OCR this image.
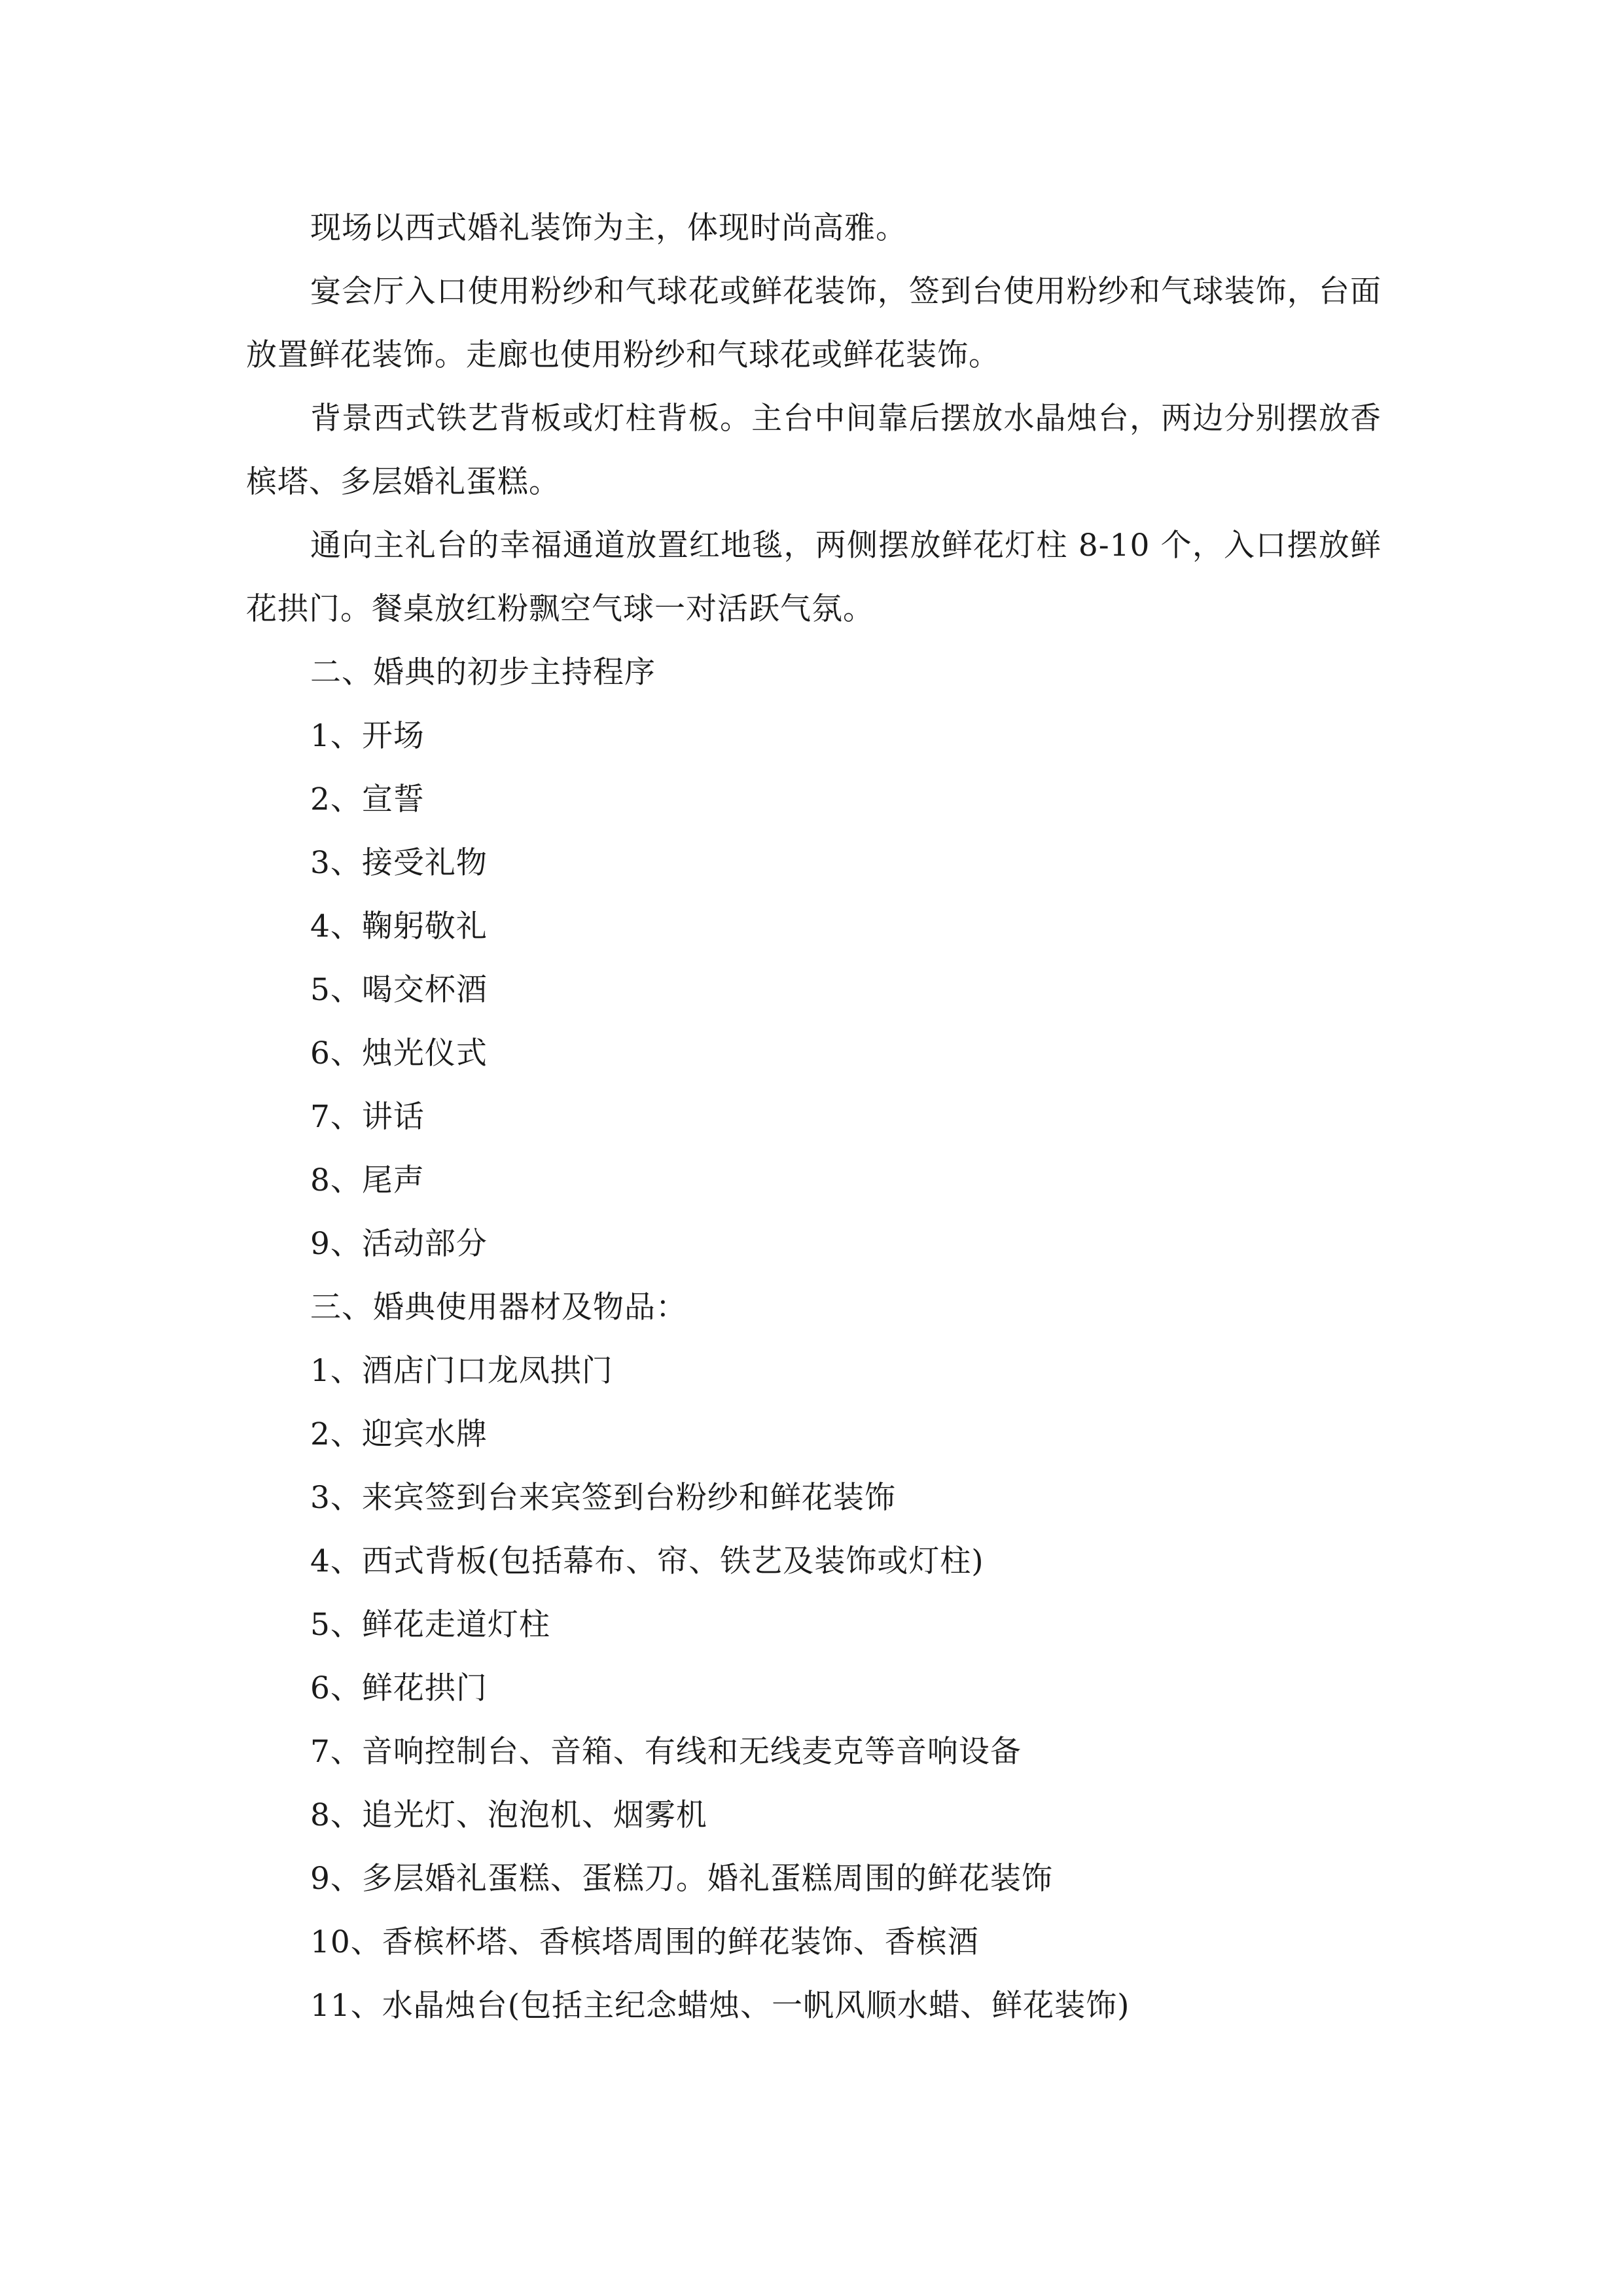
现场以西式婚礼装饰为主，体现时尚高雅。

宴会厅入口使用粉纱和气球花或鲜花装饰，签到台使用粉纱和气球装饰，台面放置鲜花装饰。走廊也使用粉纱和气球花或鲜花装饰。

背景西式铁艺背板或灯柱背板。主台中间靠后摆放水晶烛台，两边分别摆放香槟塔、多层婚礼蛋糕。

通向主礼台的幸福通道放置红地毯，两侧摆放鲜花灯柱 8-10 个，入口摆放鲜花拱门。餐桌放红粉飘空气球一对活跃气氛。

二、婚典的初步主持程序

1、开场

2、宣誓

3、接受礼物

4、鞠躬敬礼

5、喝交杯酒

6、烛光仪式

7、讲话

8、尾声

9、活动部分

三、婚典使用器材及物品：

1、酒店门口龙凤拱门

2、迎宾水牌

3、来宾签到台来宾签到台粉纱和鲜花装饰

4、西式背板(包括幕布、帘、铁艺及装饰或灯柱)

5、鲜花走道灯柱

6、鲜花拱门

7、音响控制台、音箱、有线和无线麦克等音响设备

8、追光灯、泡泡机、烟雾机

9、多层婚礼蛋糕、蛋糕刀。婚礼蛋糕周围的鲜花装饰

10、香槟杯塔、香槟塔周围的鲜花装饰、香槟酒

11、水晶烛台(包括主纪念蜡烛、一帆风顺水蜡、鲜花装饰)
